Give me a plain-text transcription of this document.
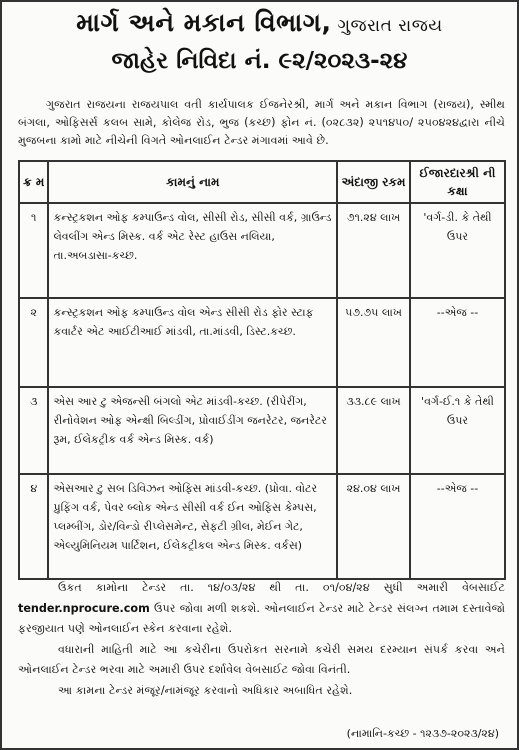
માર્ગ અને મકાન વિભાગ, ગુજરાત રાજય
જાહેર નિવિદા નં. ૯૨/૨૦૨૩-૨૪

ગુજરાત રાજયના રાજયપાલ વતી કાર્યપાલક ઈજનેરશ્રી, માર્ગ અને મકાન વિભાગ (રાજય), સ્મીથ બંગલા, ઓફિસર્સ કલબ સામે, કોલેજ રોડ, ભુજ (કચ્છ) ફોન નં. (૦૨૮૩૨) ૨૫૧૪૫૦/ ૨૫૦૪૨૪દ્વારા નીચે મુજબના કામો માટે નીચેની વિગતે ઓનલાઈન ટેન્ડર મંગાવમાં આવે છે.

ક્ર મ	કામનું નામ	અંદાજી રકમ	ઈજારદારશ્રી ની કક્ષા
૧	કન્સ્ટ્રકશન ઓફ કમ્પાઉન્ડ વોલ, સીસી રોડ, સીસી વર્ક, ગ્રાઉન્ડ લેવલીંગ એન્ડ મિસ્ક. વર્ક એટ રેસ્ટ હાઉસ નલિયા, તા.અબડાસા-કચ્છ.	૭૧.૨૪ લાખ	'વર્ગ-ડી. કે તેથી ઉપર
૨	કન્સ્ટ્રકશન ઓફ કમ્પાઉન્ડ વોલ એન્ડ સીસી રોડ ફોર સ્ટાફ કવાર્ટર એટ આઈટીઆઈ માંડવી, તા.માંડવી, ડિસ્ટ.કચ્છ.	૫૭.૭૫ લાખ	--એજ --
૩	એસ આર ટુ એજન્સી બંગલો એટ માંડવી-કચ્છ. (રીપેરીંગ, રીનોવેશન ઓફ એન્ક્ષી બિલ્ડીંગ, પ્રોવાઈડીંગ જનરેટર, જનરેટર રૂમ, ઈલેકટ્રીક વર્ક એન્ડ મિસ્ક. વર્ક)	૩૩.૮૯ લાખ	'વર્ગ-ઈ.૧ કે તેથી ઉપર
૪	એસઆર ટુ સબ ડિવિઝન ઓફિસ માંડવી-કચ્છ. (પ્રોવા. વોટર પ્રુફિંગ વર્ક, પેવર બ્લોક એન્ડ સીસી વર્ક ઈન ઓફિસ કેમ્પસ, પ્લમ્બીંગ, ડોર/વિન્ડો રીપ્લેસમેન્ટ, સેફટી ગ્રીલ, મેઈન ગેટ, એલ્યુમિનિયમ પાર્ટિશન, ઈલેકટ્રીકલ એન્ડ મિસ્ક. વર્કસ)	૨૪.૦૪ લાખ	--એજ --

ઉકત કામોના ટેન્ડર તા. ૧૪/૦૩/૨૪ થી તા. ૦૧/૦૪/૨૪ સુધી અમારી વેબસાઈટ tender.nprocure.com ઉપર જોવા મળી શકશે. ઓનલાઈન ટેન્ડર માટે ટેન્ડર સંલગ્ન તમામ દસ્તાવેજો ફરજીયાત પણે ઓનલાઈન સ્કેન કરવાના રહેશે.

વધારાની માહિતી માટે આ કચેરીના ઉપરોકત સરનામે કચેરી સમય દરમ્યાન સંપર્ક કરવા અને ઓનલાઈન ટેન્ડર ભરવા માટે અમારી ઉપર દર્શાવેલ વેબસાઈટ જોવા વિનંતી.

આ કામના ટેન્ડર મંજૂર/નામંજૂર કરવાનો અધિકાર અબાધિત રહેશે.

(નામાનિ-કચ્છ - ૧૨૩૭-૨૦૨૩/૨૪)
